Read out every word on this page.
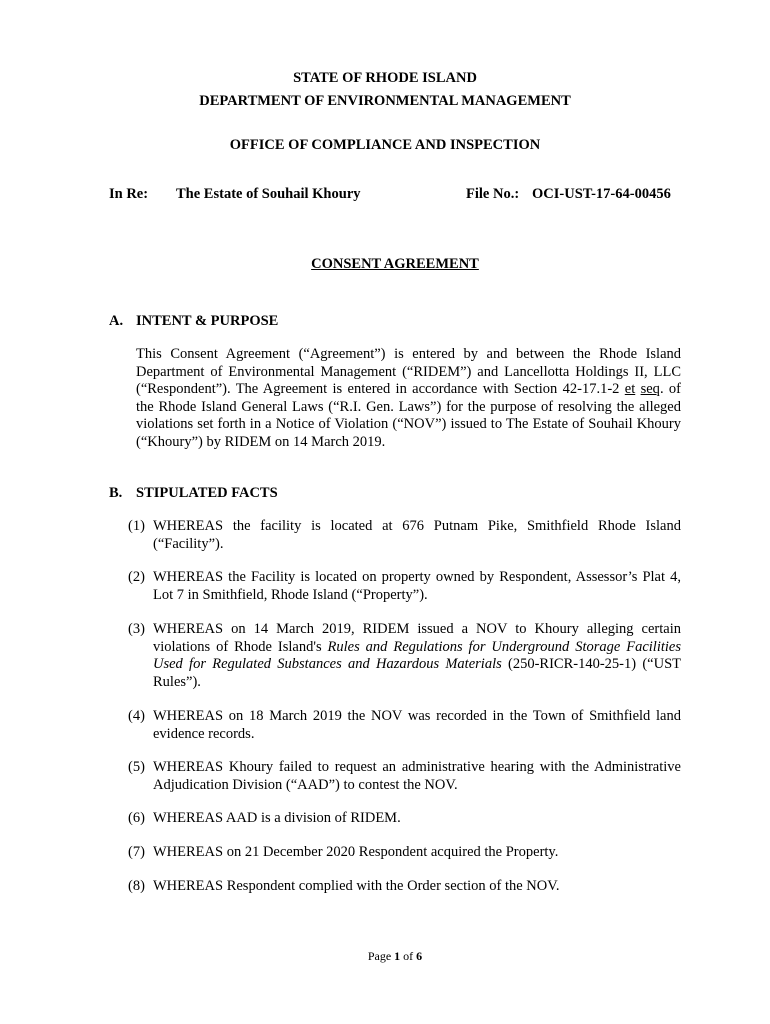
STATE OF RHODE ISLAND
DEPARTMENT OF ENVIRONMENTAL MANAGEMENT
OFFICE OF COMPLIANCE AND INSPECTION
In Re: The Estate of Souhail Khoury	File No.: OCI-UST-17-64-00456
CONSENT AGREEMENT
A. INTENT & PURPOSE
This Consent Agreement (“Agreement”) is entered by and between the Rhode Island Department of Environmental Management (“RIDEM”) and Lancellotta Holdings II, LLC (“Respondent”). The Agreement is entered in accordance with Section 42-17.1-2 et seq. of the Rhode Island General Laws (“R.I. Gen. Laws”) for the purpose of resolving the alleged violations set forth in a Notice of Violation (“NOV”) issued to The Estate of Souhail Khoury (“Khoury”) by RIDEM on 14 March 2019.
B. STIPULATED FACTS
(1) WHEREAS the facility is located at 676 Putnam Pike, Smithfield Rhode Island (“Facility”).
(2) WHEREAS the Facility is located on property owned by Respondent, Assessor’s Plat 4, Lot 7 in Smithfield, Rhode Island (“Property”).
(3) WHEREAS on 14 March 2019, RIDEM issued a NOV to Khoury alleging certain violations of Rhode Island's Rules and Regulations for Underground Storage Facilities Used for Regulated Substances and Hazardous Materials (250-RICR-140-25-1) (“UST Rules”).
(4) WHEREAS on 18 March 2019 the NOV was recorded in the Town of Smithfield land evidence records.
(5) WHEREAS Khoury failed to request an administrative hearing with the Administrative Adjudication Division (“AAD”) to contest the NOV.
(6) WHEREAS AAD is a division of RIDEM.
(7) WHEREAS on 21 December 2020 Respondent acquired the Property.
(8) WHEREAS Respondent complied with the Order section of the NOV.
Page 1 of 6
